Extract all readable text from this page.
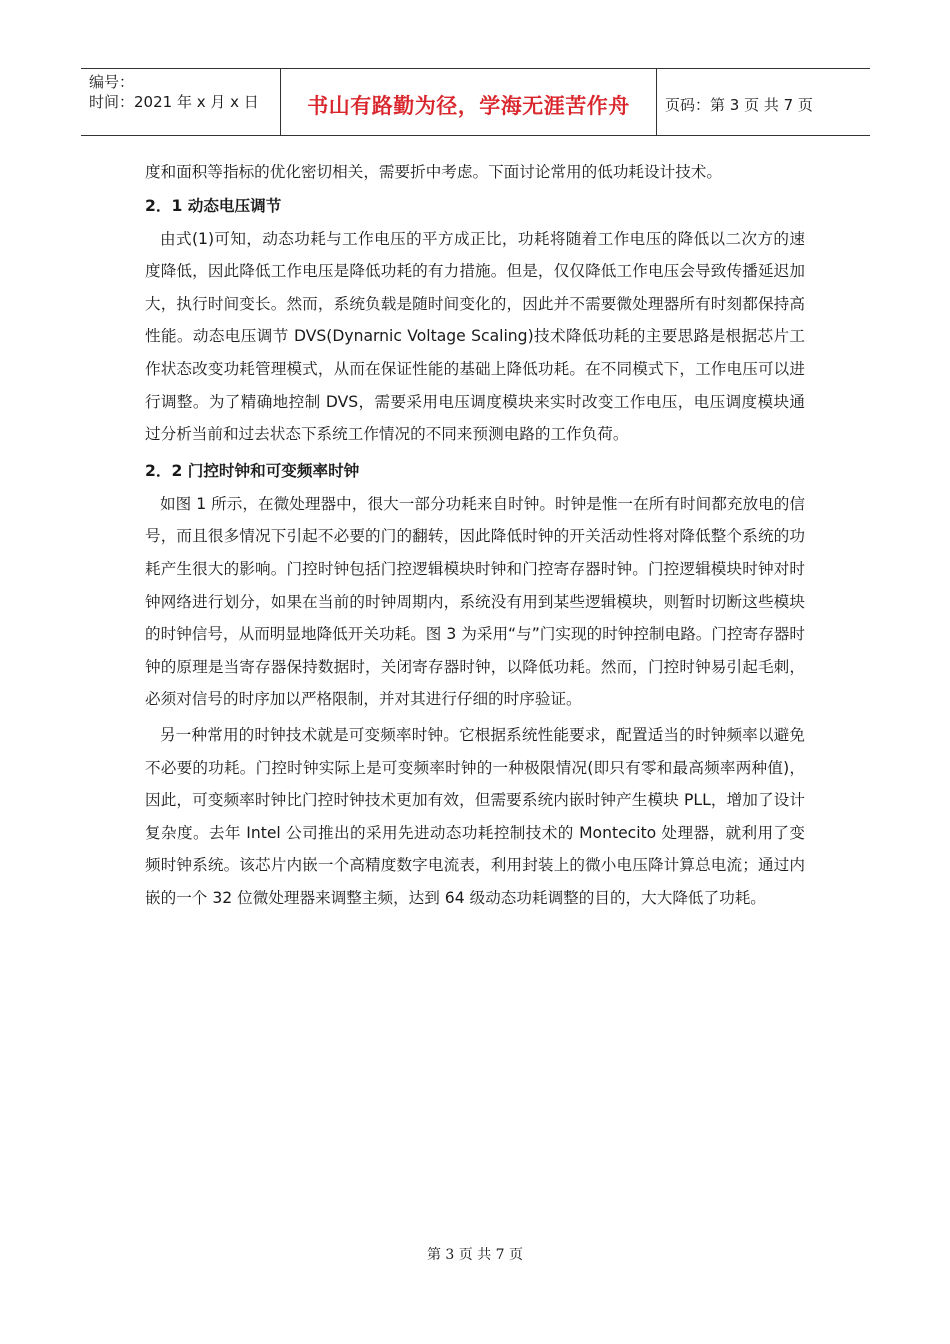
编号：
时间：2021 年 x 月 x 日	书山有路勤为径，学海无涯苦作舟 页码：第 3 页 共 7 页

度和面积等指标的优化密切相关，需要折中考虑。下面讨论常用的低功耗设计技术。

2．1 动态电压调节

由式(1)可知，动态功耗与工作电压的平方成正比，功耗将随着工作电压的降低以二次方的速度降低，因此降低工作电压是降低功耗的有力措施。但是，仅仅降低工作电压会导致传播延迟加大，执行时间变长。然而，系统负载是随时间变化的，因此并不需要微处理器所有时刻都保持高性能。动态电压调节 DVS(Dynarnic Voltage Scaling)技术降低功耗的主要思路是根据芯片工作状态改变功耗管理模式，从而在保证性能的基础上降低功耗。在不同模式下，工作电压可以进行调整。为了精确地控制 DVS，需要采用电压调度模块来实时改变工作电压，电压调度模块通过分析当前和过去状态下系统工作情况的不同来预测电路的工作负荷。

2．2 门控时钟和可变频率时钟

如图 1 所示，在微处理器中，很大一部分功耗来自时钟。时钟是惟一在所有时间都充放电的信号，而且很多情况下引起不必要的门的翻转，因此降低时钟的开关活动性将对降低整个系统的功耗产生很大的影响。门控时钟包括门控逻辑模块时钟和门控寄存器时钟。门控逻辑模块时钟对时钟网络进行划分，如果在当前的时钟周期内，系统没有用到某些逻辑模块，则暂时切断这些模块的时钟信号，从而明显地降低开关功耗。图 3 为采用“与”门实现的时钟控制电路。门控寄存器时钟的原理是当寄存器保持数据时，关闭寄存器时钟，以降低功耗。然而，门控时钟易引起毛刺，必须对信号的时序加以严格限制，并对其进行仔细的时序验证。

另一种常用的时钟技术就是可变频率时钟。它根据系统性能要求，配置适当的时钟频率以避免不必要的功耗。门控时钟实际上是可变频率时钟的一种极限情况(即只有零和最高频率两种值)，因此，可变频率时钟比门控时钟技术更加有效，但需要系统内嵌时钟产生模块 PLL，增加了设计复杂度。去年 Intel 公司推出的采用先进动态功耗控制技术的 Montecito 处理器，就利用了变频时钟系统。该芯片内嵌一个高精度数字电流表，利用封装上的微小电压降计算总电流；通过内嵌的一个 32 位微处理器来调整主频，达到 64 级动态功耗调整的目的，大大降低了功耗。

第 3 页 共 7 页
